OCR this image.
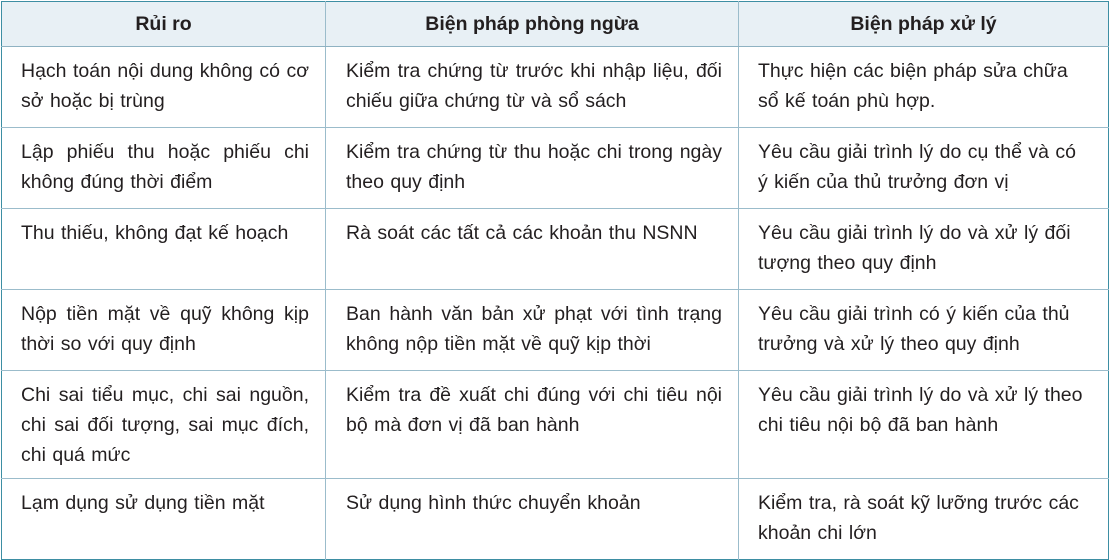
Rủi ro	Biện pháp phòng ngừa	Biện pháp xử lý
Hạch toán nội dung không có cơ sở hoặc bị trùng	Kiểm tra chứng từ trước khi nhập liệu, đối chiếu giữa chứng từ và sổ sách	Thực hiện các biện pháp sửa chữa sổ kế toán phù hợp.
Lập phiếu thu hoặc phiếu chi không đúng thời điểm	Kiểm tra chứng từ thu hoặc chi trong ngày theo quy định	Yêu cầu giải trình lý do cụ thể và có ý kiến của thủ trưởng đơn vị
Thu thiếu, không đạt kế hoạch	Rà soát các tất cả các khoản thu NSNN	Yêu cầu giải trình lý do và xử lý đối tượng theo quy định
Nộp tiền mặt về quỹ không kịp thời so với quy định	Ban hành văn bản xử phạt với tình trạng không nộp tiền mặt về quỹ kịp thời	Yêu cầu giải trình có ý kiến của thủ trưởng và xử lý theo quy định
Chi sai tiểu mục, chi sai nguồn, chi sai đối tượng, sai mục đích, chi quá mức	Kiểm tra đề xuất chi đúng với chi tiêu nội bộ mà đơn vị đã ban hành	Yêu cầu giải trình lý do và xử lý theo chi tiêu nội bộ đã ban hành
Lạm dụng sử dụng tiền mặt	Sử dụng hình thức chuyển khoản	Kiểm tra, rà soát kỹ lưỡng trước các khoản chi lớn
